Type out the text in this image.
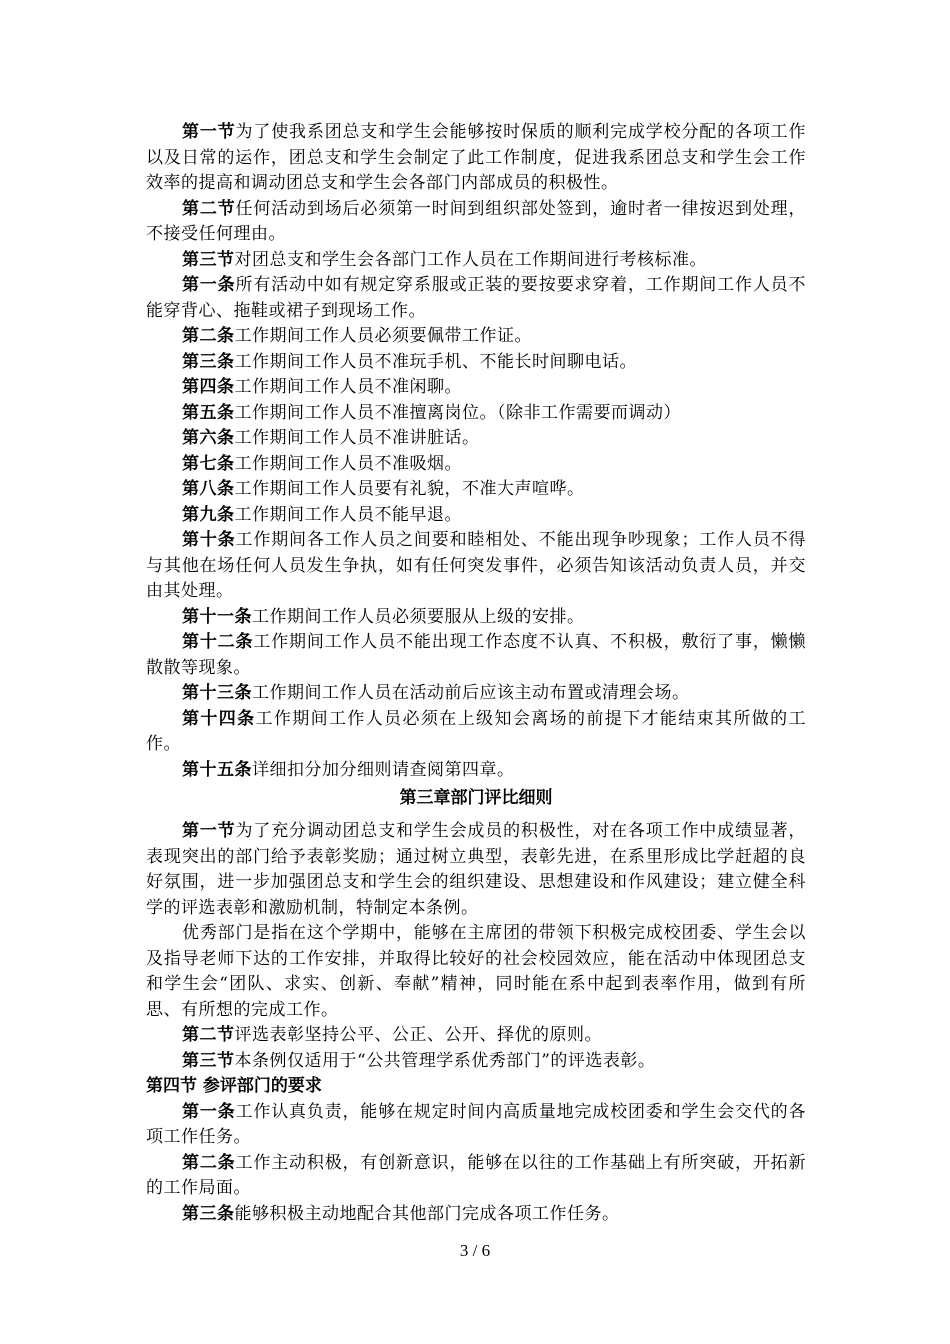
第一节为了使我系团总支和学生会能够按时保质的顺利完成学校分配的各项工作以及日常的运作，团总支和学生会制定了此工作制度，促进我系团总支和学生会工作效率的提高和调动团总支和学生会各部门内部成员的积极性。

第二节任何活动到场后必须第一时间到组织部处签到，逾时者一律按迟到处理，不接受任何理由。

第三节对团总支和学生会各部门工作人员在工作期间进行考核标准。

第一条所有活动中如有规定穿系服或正装的要按要求穿着，工作期间工作人员不能穿背心、拖鞋或裙子到现场工作。

第二条工作期间工作人员必须要佩带工作证。

第三条工作期间工作人员不准玩手机、不能长时间聊电话。

第四条工作期间工作人员不准闲聊。

第五条工作期间工作人员不准擅离岗位。（除非工作需要而调动）

第六条工作期间工作人员不准讲脏话。

第七条工作期间工作人员不准吸烟。

第八条工作期间工作人员要有礼貌，不准大声喧哗。

第九条工作期间工作人员不能早退。

第十条工作期间各工作人员之间要和睦相处、不能出现争吵现象；工作人员不得与其他在场任何人员发生争执，如有任何突发事件，必须告知该活动负责人员，并交由其处理。

第十一条工作期间工作人员必须要服从上级的安排。

第十二条工作期间工作人员不能出现工作态度不认真、不积极，敷衍了事，懒懒散散等现象。

第十三条工作期间工作人员在活动前后应该主动布置或清理会场。

第十四条工作期间工作人员必须在上级知会离场的前提下才能结束其所做的工作。

第十五条详细扣分加分细则请查阅第四章。

第三章部门评比细则

第一节为了充分调动团总支和学生会成员的积极性，对在各项工作中成绩显著，表现突出的部门给予表彰奖励；通过树立典型，表彰先进，在系里形成比学赶超的良好氛围，进一步加强团总支和学生会的组织建设、思想建设和作风建设；建立健全科学的评选表彰和激励机制，特制定本条例。

优秀部门是指在这个学期中，能够在主席团的带领下积极完成校团委、学生会以及指导老师下达的工作安排，并取得比较好的社会校园效应，能在活动中体现团总支和学生会“团队、求实、创新、奉献”精神，同时能在系中起到表率作用，做到有所思、有所想的完成工作。

第二节评选表彰坚持公平、公正、公开、择优的原则。

第三节本条例仅适用于“公共管理学系优秀部门”的评选表彰。

第四节 参评部门的要求

第一条工作认真负责，能够在规定时间内高质量地完成校团委和学生会交代的各项工作任务。

第二条工作主动积极，有创新意识，能够在以往的工作基础上有所突破，开拓新的工作局面。

第三条能够积极主动地配合其他部门完成各项工作任务。

3 / 6
